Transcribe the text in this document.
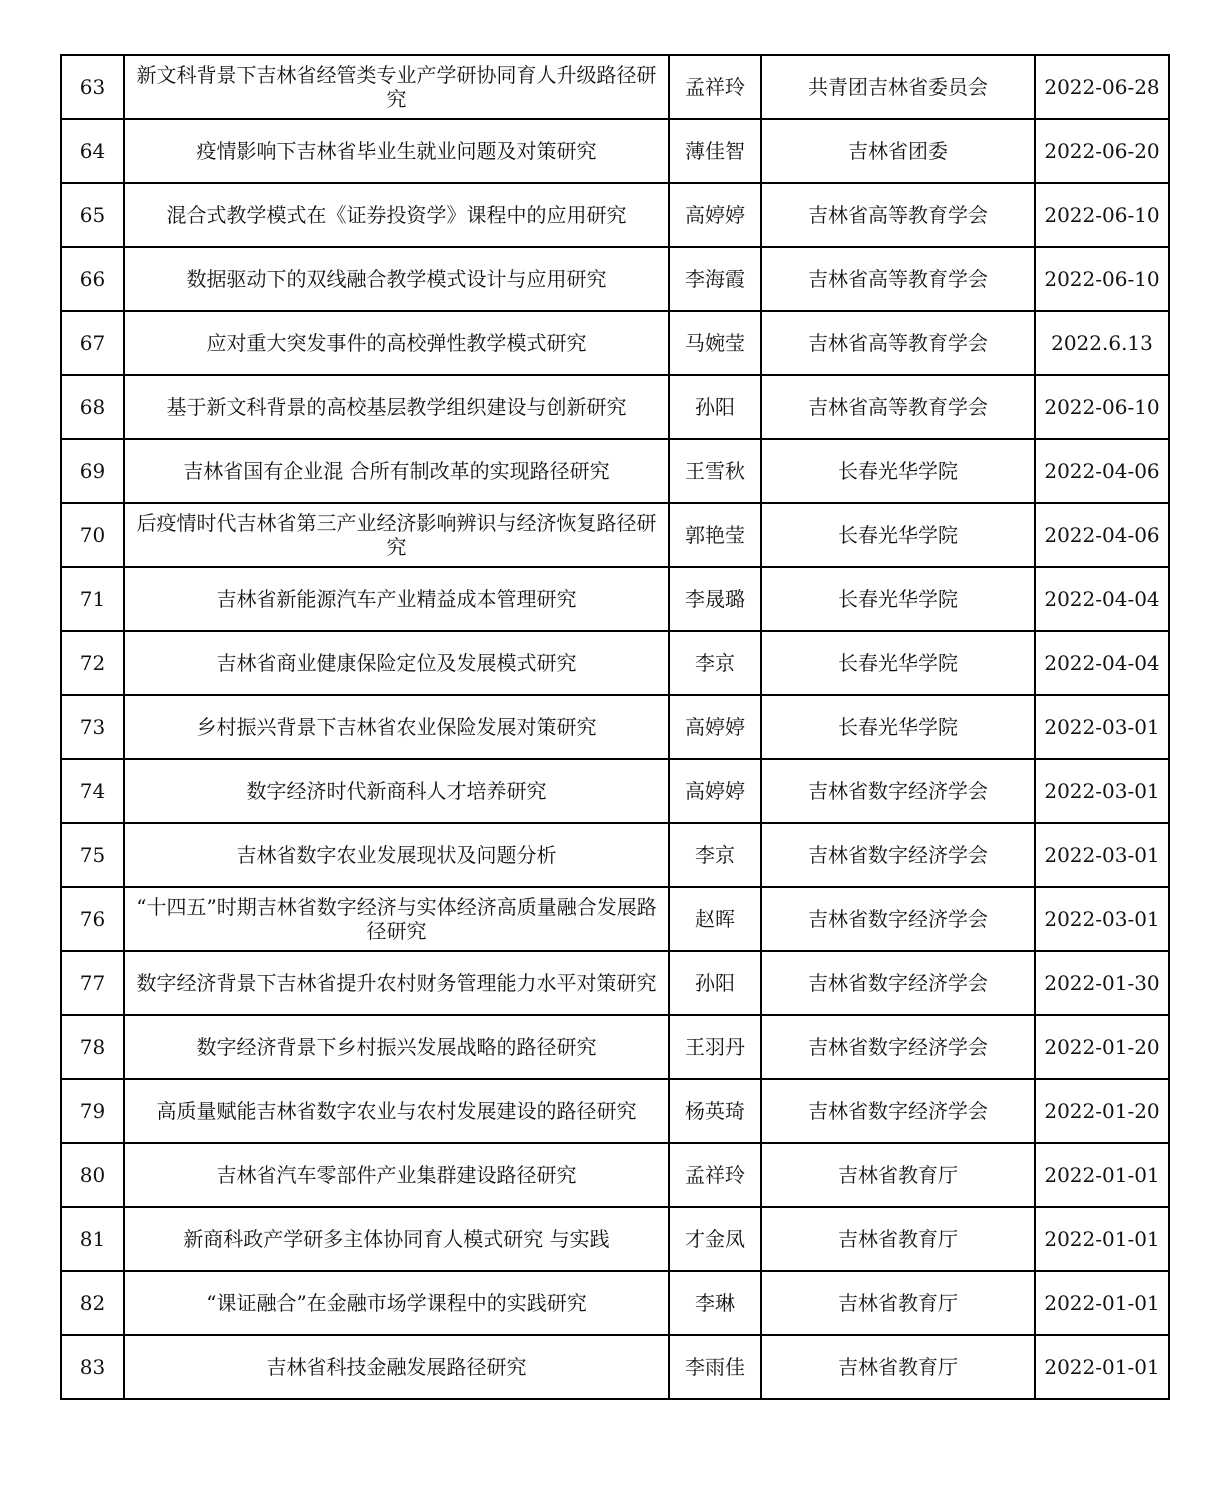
63	新文科背景下吉林省经管类专业产学研协同育人升级路径研究	孟祥玲	共青团吉林省委员会	2022-06-28
64	疫情影响下吉林省毕业生就业问题及对策研究	薄佳智	吉林省团委	2022-06-20
65	混合式教学模式在《证券投资学》课程中的应用研究	高婷婷	吉林省高等教育学会	2022-06-10
66	数据驱动下的双线融合教学模式设计与应用研究	李海霞	吉林省高等教育学会	2022-06-10
67	应对重大突发事件的高校弹性教学模式研究	马婉莹	吉林省高等教育学会	2022.6.13
68	基于新文科背景的高校基层教学组织建设与创新研究	孙阳	吉林省高等教育学会	2022-06-10
69	吉林省国有企业混 合所有制改革的实现路径研究	王雪秋	长春光华学院	2022-04-06
70	后疫情时代吉林省第三产业经济影响辨识与经济恢复路径研究	郭艳莹	长春光华学院	2022-04-06
71	吉林省新能源汽车产业精益成本管理研究	李晟璐	长春光华学院	2022-04-04
72	吉林省商业健康保险定位及发展模式研究	李京	长春光华学院	2022-04-04
73	乡村振兴背景下吉林省农业保险发展对策研究	高婷婷	长春光华学院	2022-03-01
74	数字经济时代新商科人才培养研究	高婷婷	吉林省数字经济学会	2022-03-01
75	吉林省数字农业发展现状及问题分析	李京	吉林省数字经济学会	2022-03-01
76	“十四五”时期吉林省数字经济与实体经济高质量融合发展路径研究	赵晖	吉林省数字经济学会	2022-03-01
77	数字经济背景下吉林省提升农村财务管理能力水平对策研究	孙阳	吉林省数字经济学会	2022-01-30
78	数字经济背景下乡村振兴发展战略的路径研究	王羽丹	吉林省数字经济学会	2022-01-20
79	高质量赋能吉林省数字农业与农村发展建设的路径研究	杨英琦	吉林省数字经济学会	2022-01-20
80	吉林省汽车零部件产业集群建设路径研究	孟祥玲	吉林省教育厅	2022-01-01
81	新商科政产学研多主体协同育人模式研究 与实践	才金凤	吉林省教育厅	2022-01-01
82	“课证融合”在金融市场学课程中的实践研究	李琳	吉林省教育厅	2022-01-01
83	吉林省科技金融发展路径研究	李雨佳	吉林省教育厅	2022-01-01
